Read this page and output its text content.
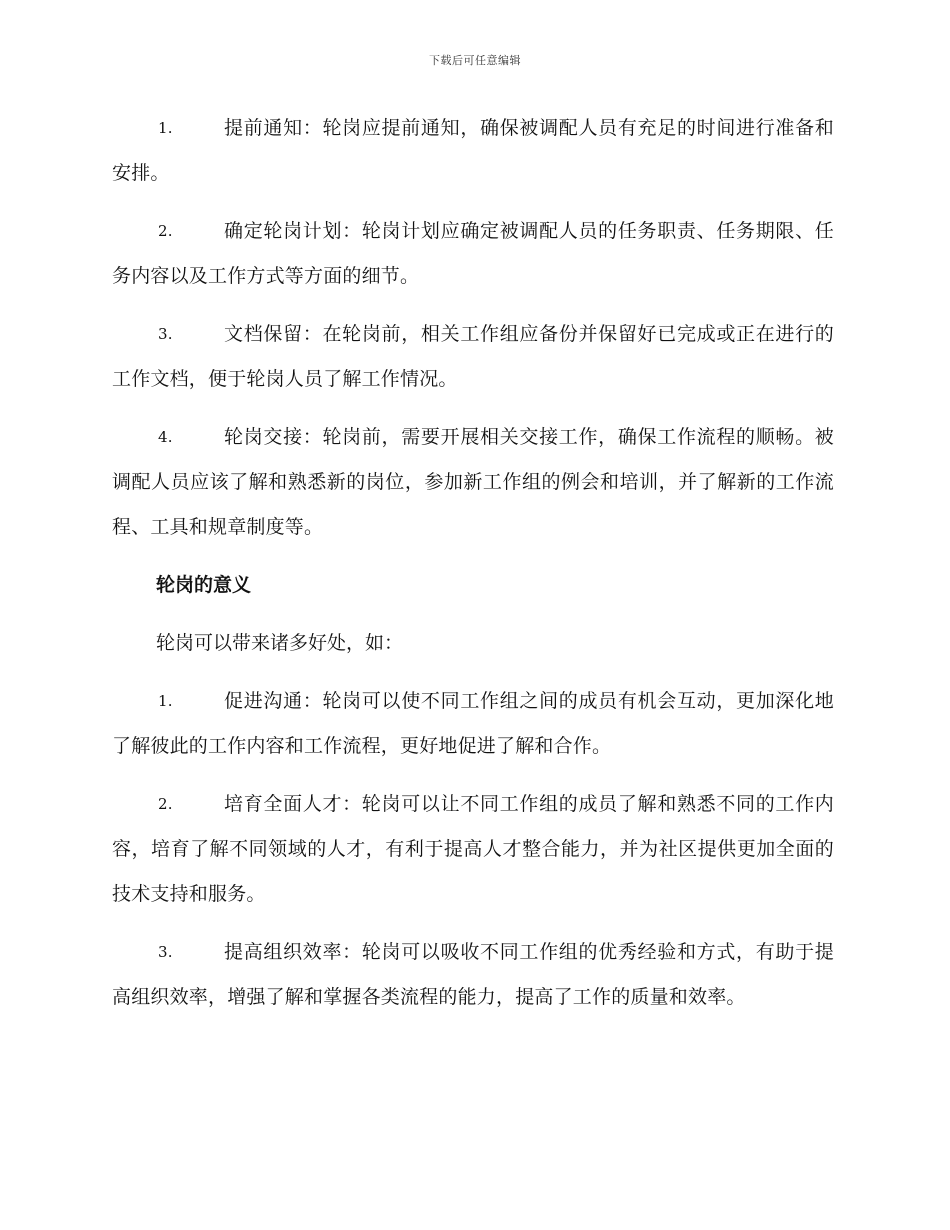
下载后可任意编辑

1.	提前通知：轮岗应提前通知，确保被调配人员有充足的时间进行准备和安排。

2.	确定轮岗计划：轮岗计划应确定被调配人员的任务职责、任务期限、任务内容以及工作方式等方面的细节。

3.	文档保留：在轮岗前，相关工作组应备份并保留好已完成或正在进行的工作文档，便于轮岗人员了解工作情况。

4.	轮岗交接：轮岗前，需要开展相关交接工作，确保工作流程的顺畅。被调配人员应该了解和熟悉新的岗位，参加新工作组的例会和培训，并了解新的工作流程、工具和规章制度等。

轮岗的意义
轮岗可以带来诸多好处，如：

1.	促进沟通：轮岗可以使不同工作组之间的成员有机会互动，更加深化地了解彼此的工作内容和工作流程，更好地促进了解和合作。

2.	培育全面人才：轮岗可以让不同工作组的成员了解和熟悉不同的工作内容，培育了解不同领域的人才，有利于提高人才整合能力，并为社区提供更加全面的技术支持和服务。

3.	提高组织效率：轮岗可以吸收不同工作组的优秀经验和方式，有助于提高组织效率，增强了解和掌握各类流程的能力，提高了工作的质量和效率。
